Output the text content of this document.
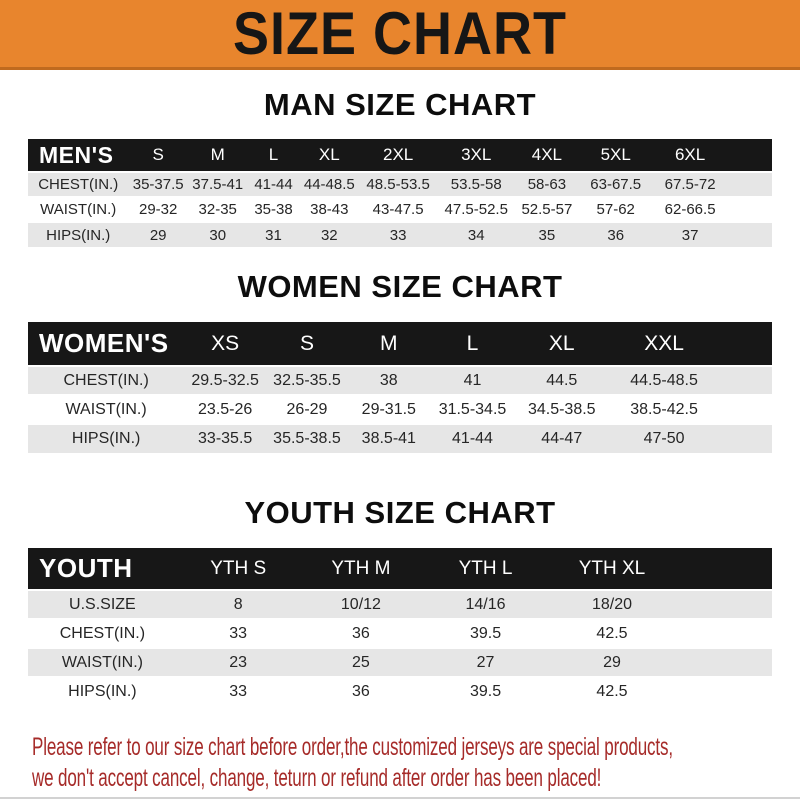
SIZE CHART
MAN SIZE CHART
MEN'S	S	M	L	XL	2XL	3XL	4XL	5XL	6XL	
CHEST(IN.)	35-37.5	37.5-41	41-44	44-48.5	48.5-53.5	53.5-58	58-63	63-67.5	67.5-72	
WAIST(IN.)	29-32	32-35	35-38	38-43	43-47.5	47.5-52.5	52.5-57	57-62	62-66.5	
HIPS(IN.)	29	30	31	32	33	34	35	36	37	
WOMEN SIZE CHART
WOMEN'S	XS	S	M	L	XL	XXL	
CHEST(IN.)	29.5-32.5	32.5-35.5	38	41	44.5	44.5-48.5	
WAIST(IN.)	23.5-26	26-29	29-31.5	31.5-34.5	34.5-38.5	38.5-42.5	
HIPS(IN.)	33-35.5	35.5-38.5	38.5-41	41-44	44-47	47-50	
YOUTH SIZE CHART
YOUTH	YTH S	YTH M	YTH L	YTH XL	
U.S.SIZE	8	10/12	14/16	18/20	
CHEST(IN.)	33	36	39.5	42.5	
WAIST(IN.)	23	25	27	29	
HIPS(IN.)	33	36	39.5	42.5	
Please refer to our size chart before order,the customized jerseys are special products,
we don't accept cancel, change, teturn or refund after order has been placed!
